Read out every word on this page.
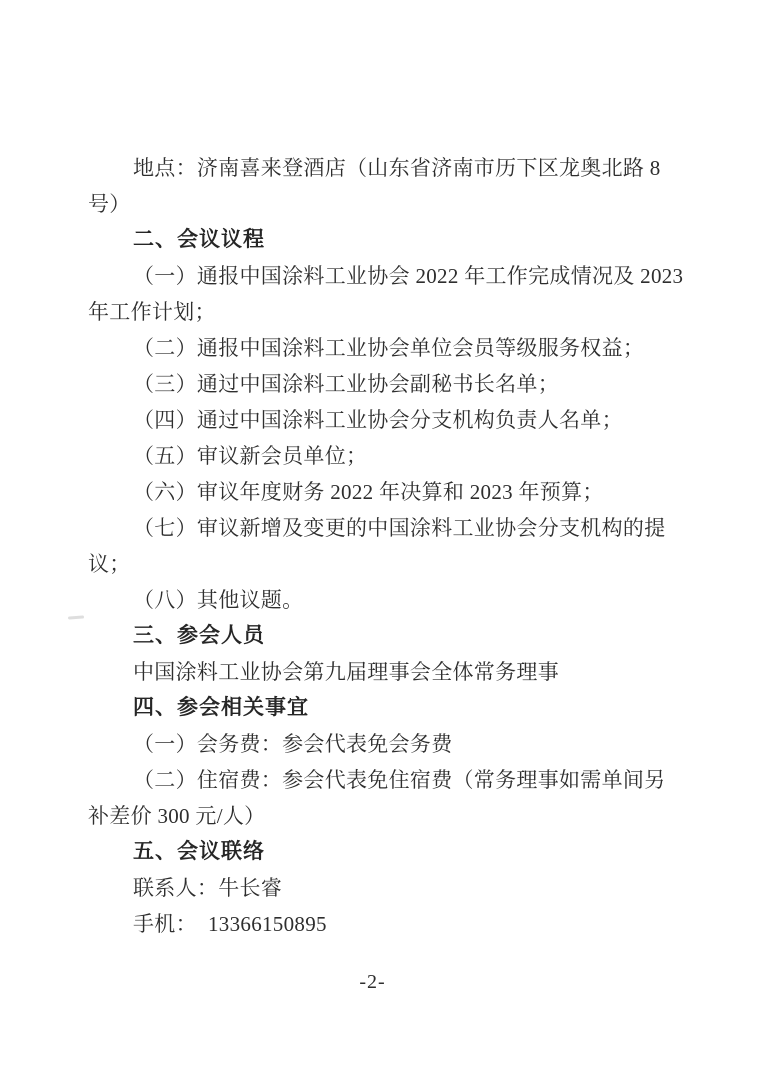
地点：济南喜来登酒店（山东省济南市历下区龙奥北路 8
号）
二、会议议程
（一）通报中国涂料工业协会 2022 年工作完成情况及 2023
年工作计划；
（二）通报中国涂料工业协会单位会员等级服务权益；
（三）通过中国涂料工业协会副秘书长名单；
（四）通过中国涂料工业协会分支机构负责人名单；
（五）审议新会员单位；
（六）审议年度财务 2022 年决算和 2023 年预算；
（七）审议新增及变更的中国涂料工业协会分支机构的提
议；
（八）其他议题。
三、参会人员
中国涂料工业协会第九届理事会全体常务理事
四、参会相关事宜
（一）会务费：参会代表免会务费
（二）住宿费：参会代表免住宿费（常务理事如需单间另
补差价 300 元/人）
五、会议联络
联系人：牛长睿
手机：  13366150895
-2-
